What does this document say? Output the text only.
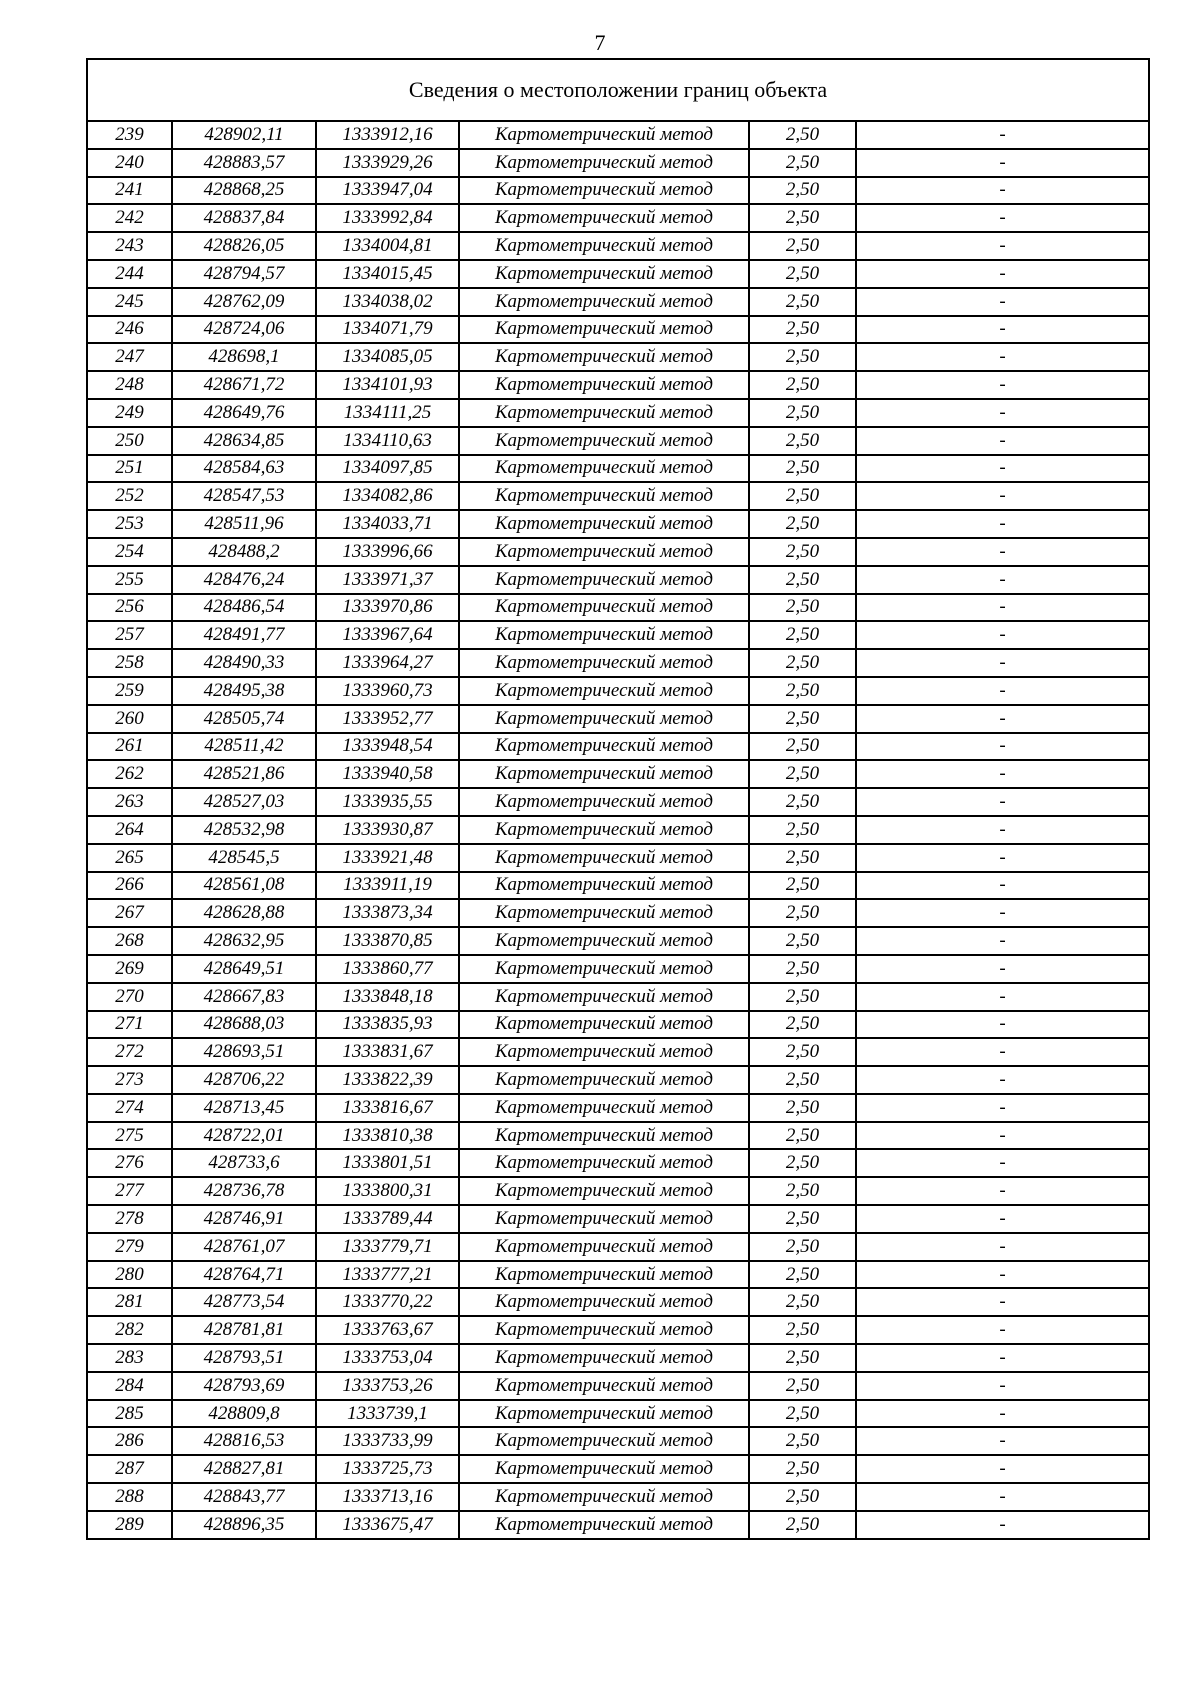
7
Сведения о местоположении границ объекта					
239	428902,11	1333912,16	Картометрический метод	2,50	-
240	428883,57	1333929,26	Картометрический метод	2,50	-
241	428868,25	1333947,04	Картометрический метод	2,50	-
242	428837,84	1333992,84	Картометрический метод	2,50	-
243	428826,05	1334004,81	Картометрический метод	2,50	-
244	428794,57	1334015,45	Картометрический метод	2,50	-
245	428762,09	1334038,02	Картометрический метод	2,50	-
246	428724,06	1334071,79	Картометрический метод	2,50	-
247	428698,1	1334085,05	Картометрический метод	2,50	-
248	428671,72	1334101,93	Картометрический метод	2,50	-
249	428649,76	1334111,25	Картометрический метод	2,50	-
250	428634,85	1334110,63	Картометрический метод	2,50	-
251	428584,63	1334097,85	Картометрический метод	2,50	-
252	428547,53	1334082,86	Картометрический метод	2,50	-
253	428511,96	1334033,71	Картометрический метод	2,50	-
254	428488,2	1333996,66	Картометрический метод	2,50	-
255	428476,24	1333971,37	Картометрический метод	2,50	-
256	428486,54	1333970,86	Картометрический метод	2,50	-
257	428491,77	1333967,64	Картометрический метод	2,50	-
258	428490,33	1333964,27	Картометрический метод	2,50	-
259	428495,38	1333960,73	Картометрический метод	2,50	-
260	428505,74	1333952,77	Картометрический метод	2,50	-
261	428511,42	1333948,54	Картометрический метод	2,50	-
262	428521,86	1333940,58	Картометрический метод	2,50	-
263	428527,03	1333935,55	Картометрический метод	2,50	-
264	428532,98	1333930,87	Картометрический метод	2,50	-
265	428545,5	1333921,48	Картометрический метод	2,50	-
266	428561,08	1333911,19	Картометрический метод	2,50	-
267	428628,88	1333873,34	Картометрический метод	2,50	-
268	428632,95	1333870,85	Картометрический метод	2,50	-
269	428649,51	1333860,77	Картометрический метод	2,50	-
270	428667,83	1333848,18	Картометрический метод	2,50	-
271	428688,03	1333835,93	Картометрический метод	2,50	-
272	428693,51	1333831,67	Картометрический метод	2,50	-
273	428706,22	1333822,39	Картометрический метод	2,50	-
274	428713,45	1333816,67	Картометрический метод	2,50	-
275	428722,01	1333810,38	Картометрический метод	2,50	-
276	428733,6	1333801,51	Картометрический метод	2,50	-
277	428736,78	1333800,31	Картометрический метод	2,50	-
278	428746,91	1333789,44	Картометрический метод	2,50	-
279	428761,07	1333779,71	Картометрический метод	2,50	-
280	428764,71	1333777,21	Картометрический метод	2,50	-
281	428773,54	1333770,22	Картометрический метод	2,50	-
282	428781,81	1333763,67	Картометрический метод	2,50	-
283	428793,51	1333753,04	Картометрический метод	2,50	-
284	428793,69	1333753,26	Картометрический метод	2,50	-
285	428809,8	1333739,1	Картометрический метод	2,50	-
286	428816,53	1333733,99	Картометрический метод	2,50	-
287	428827,81	1333725,73	Картометрический метод	2,50	-
288	428843,77	1333713,16	Картометрический метод	2,50	-
289	428896,35	1333675,47	Картометрический метод	2,50	-
